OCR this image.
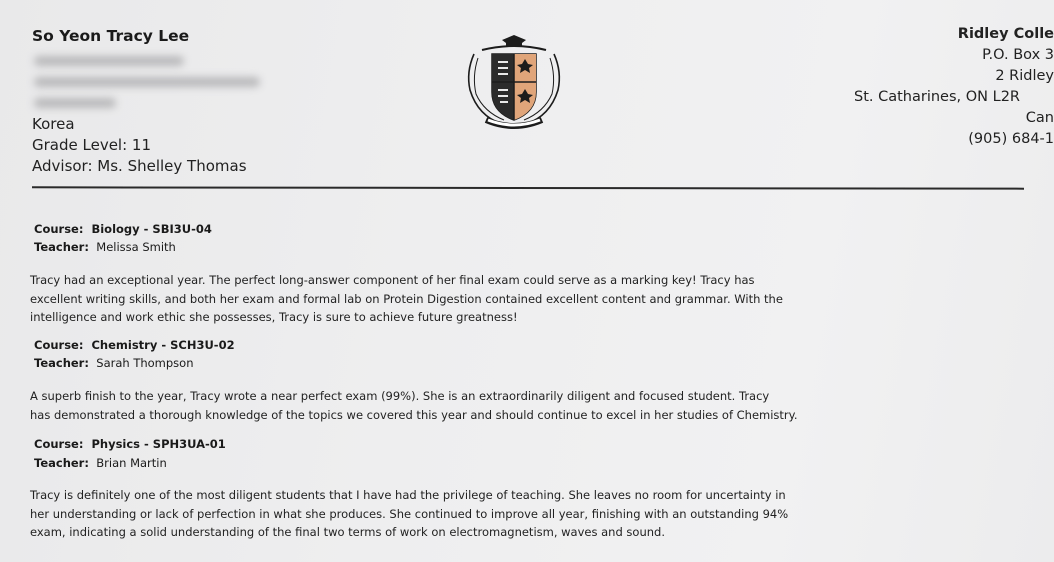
So Yeon Tracy Lee
Korea
Grade Level: 11
Advisor: Ms. Shelley Thomas
Ridley Colle
P.O. Box 3
2 Ridley
St. Catharines, ON L2R
Can
(905) 684-1
Course: Biology - SBI3U-04
Teacher: Melissa Smith
Tracy had an exceptional year. The perfect long-answer component of her final exam could serve as a marking key! Tracy has
excellent writing skills, and both her exam and formal lab on Protein Digestion contained excellent content and grammar. With the
intelligence and work ethic she possesses, Tracy is sure to achieve future greatness!
Course: Chemistry - SCH3U-02
Teacher: Sarah Thompson
A superb finish to the year, Tracy wrote a near perfect exam (99%). She is an extraordinarily diligent and focused student. Tracy
has demonstrated a thorough knowledge of the topics we covered this year and should continue to excel in her studies of Chemistry.
Course: Physics - SPH3UA-01
Teacher: Brian Martin
Tracy is definitely one of the most diligent students that I have had the privilege of teaching. She leaves no room for uncertainty in
her understanding or lack of perfection in what she produces. She continued to improve all year, finishing with an outstanding 94%
exam, indicating a solid understanding of the final two terms of work on electromagnetism, waves and sound.
